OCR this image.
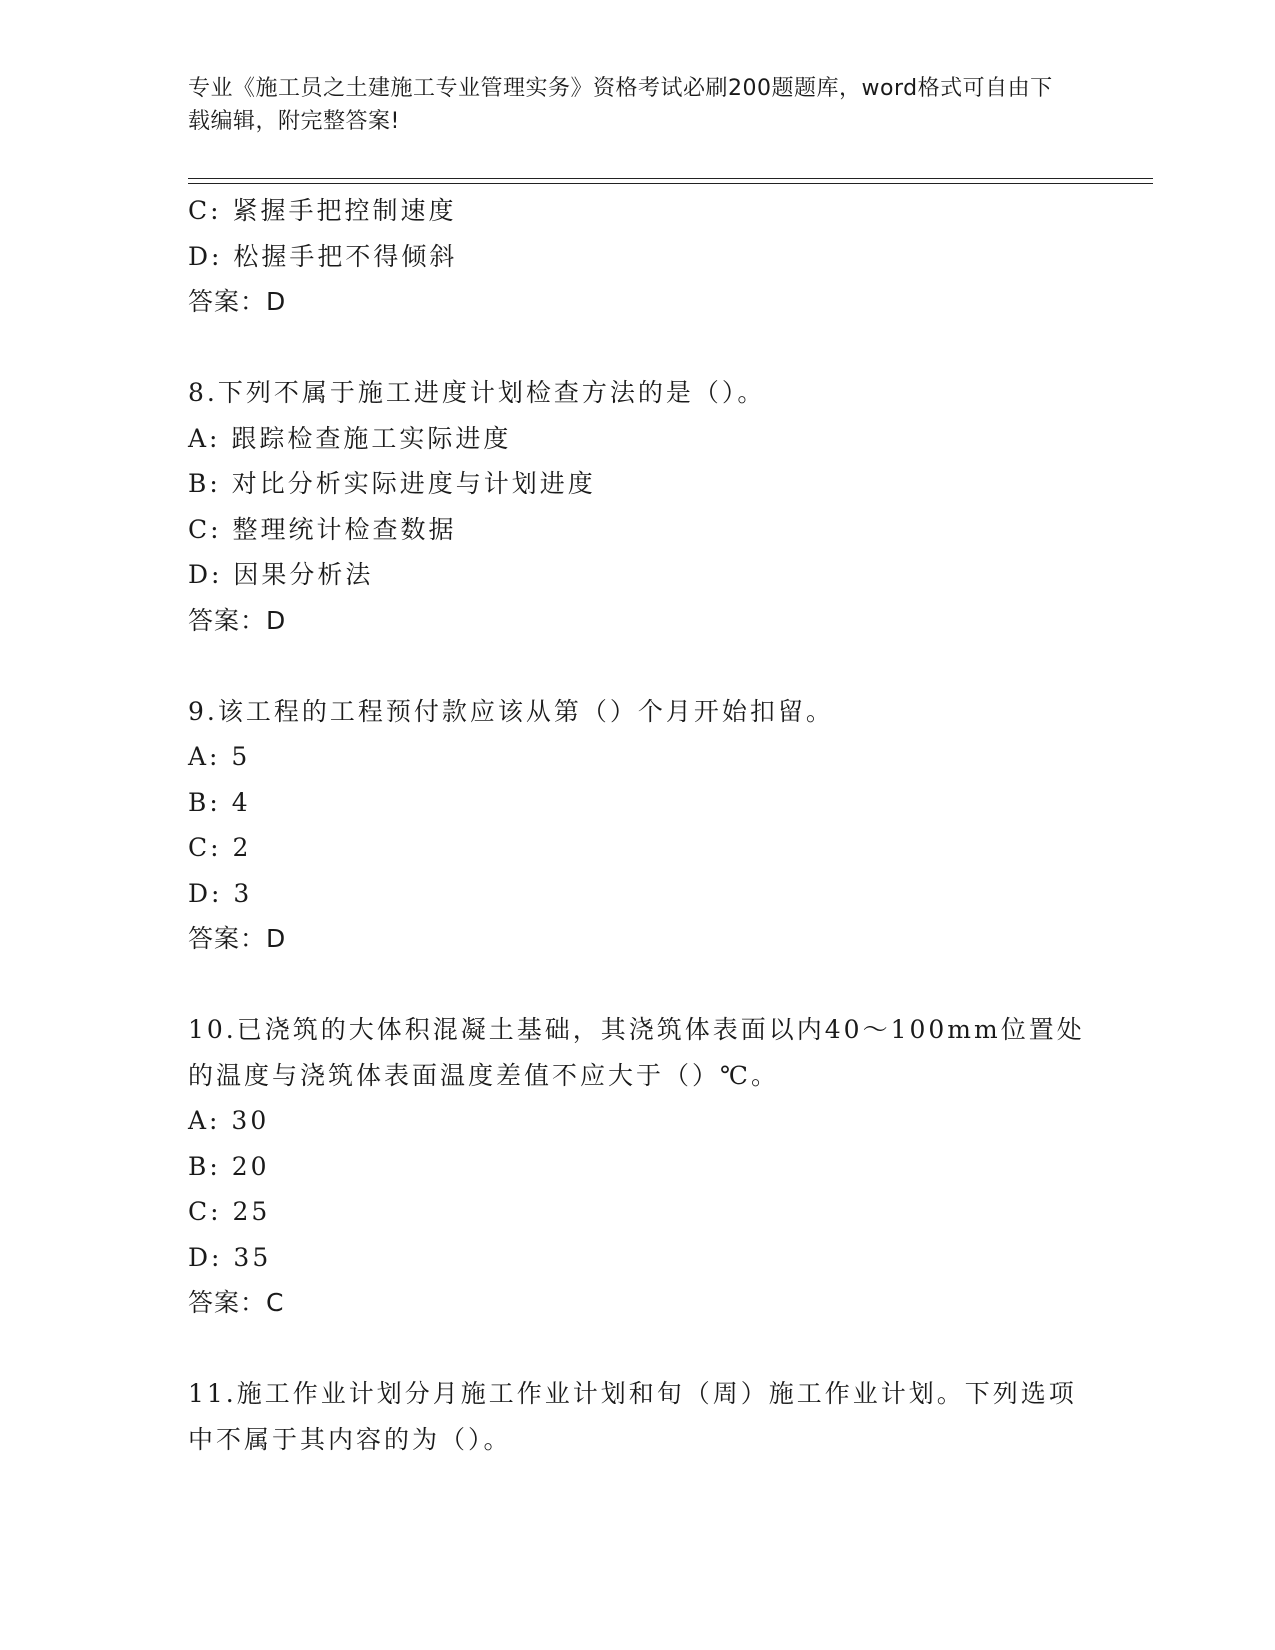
专业《施工员之土建施工专业管理实务》资格考试必刷200题题库，word格式可自由下载编辑，附完整答案!
C: 紧握手把控制速度
D: 松握手把不得倾斜
答案：D
8.下列不属于施工进度计划检查方法的是（）。
A: 跟踪检查施工实际进度
B: 对比分析实际进度与计划进度
C: 整理统计检查数据
D: 因果分析法
答案：D
9.该工程的工程预付款应该从第（）个月开始扣留。
A: 5
B: 4
C: 2
D: 3
答案：D
10.已浇筑的大体积混凝土基础，其浇筑体表面以内40～100mm位置处的温度与浇筑体表面温度差值不应大于（）℃。
A: 30
B: 20
C: 25
D: 35
答案：C
11.施工作业计划分月施工作业计划和旬（周）施工作业计划。下列选项中不属于其内容的为（）。
